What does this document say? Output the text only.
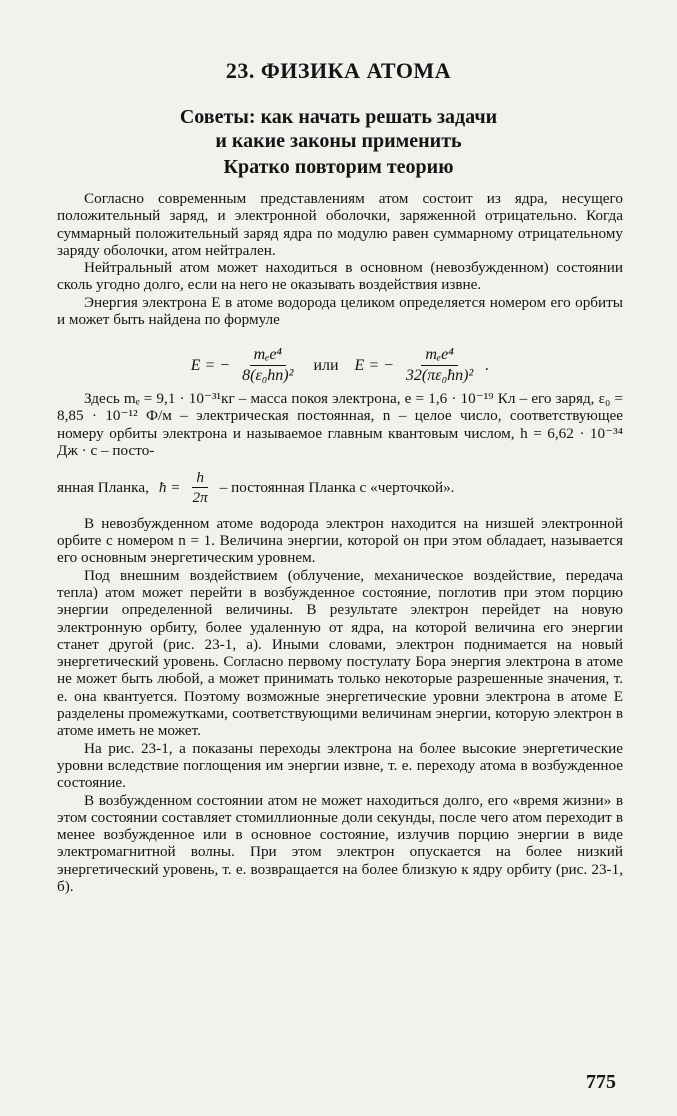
23. ФИЗИКА АТОМА
Советы: как начать решать задачи
и какие законы применить
Кратко повторим теорию

Согласно современным представлениям атом состоит из ядра, несущего положительный заряд, и электронной оболочки, заряженной отрицательно. Когда суммарный положительный заряд ядра по модулю равен суммарному отрицательному заряду оболочки, атом нейтрален.

Нейтральный атом может находиться в основном (невозбужденном) состоянии сколь угодно долго, если на него не оказывать воздействия извне.

Энергия электрона E в атоме водорода целиком определяется номером его орбиты и может быть найдена по формуле

E = − $\frac{\text{mₑe⁴}}{\text{8(ε₀hn)²}}$ или E = − $\frac{\text{mₑe⁴}}{\text{32(πε₀ħn)²}}$ .

Здесь mₑ = 9,1 · 10⁻³¹кг – масса покоя электрона, e = 1,6 · 10⁻¹⁹ Кл – его заряд, ε₀ = 8,85 · 10⁻¹² Ф/м – электрическая постоянная, n – целое число, соответствующее номеру орбиты электрона и называемое главным квантовым числом, h = 6,62 · 10⁻³⁴ Дж · с – посто-

янная Планка, ħ = $\frac{h}{2\pi}$ – постоянная Планка с «черточкой».

В невозбужденном атоме водорода электрон находится на низшей электронной орбите с номером n = 1. Величина энергии, которой он при этом обладает, называется его основным энергетическим уровнем.

Под внешним воздействием (облучение, механическое воздействие, передача тепла) атом может перейти в возбужденное состояние, поглотив при этом порцию энергии определенной величины. В результате электрон перейдет на новую электронную орбиту, более удаленную от ядра, на которой величина его энергии станет другой (рис. 23-1, а). Иными словами, электрон поднимается на новый энергетический уровень. Согласно первому постулату Бора энергия электрона в атоме не может быть любой, а может принимать только некоторые разрешенные значения, т. е. она квантуется. Поэтому возможные энергетические уровни электрона в атоме E разделены промежутками, соответствующими величинам энергии, которую электрон в атоме иметь не может.

На рис. 23-1, а показаны переходы электрона на более высокие энергетические уровни вследствие поглощения им энергии извне, т. е. переходу атома в возбужденное состояние.

В возбужденном состоянии атом не может находиться долго, его «время жизни» в этом состоянии составляет стомиллионные доли секунды, после чего атом переходит в менее возбужденное или в основное состояние, излучив порцию энергии в виде электромагнитной волны. При этом электрон опускается на более низкий энергетический уровень, т. е. возвращается на более близкую к ядру орбиту (рис. 23-1, б).

775
